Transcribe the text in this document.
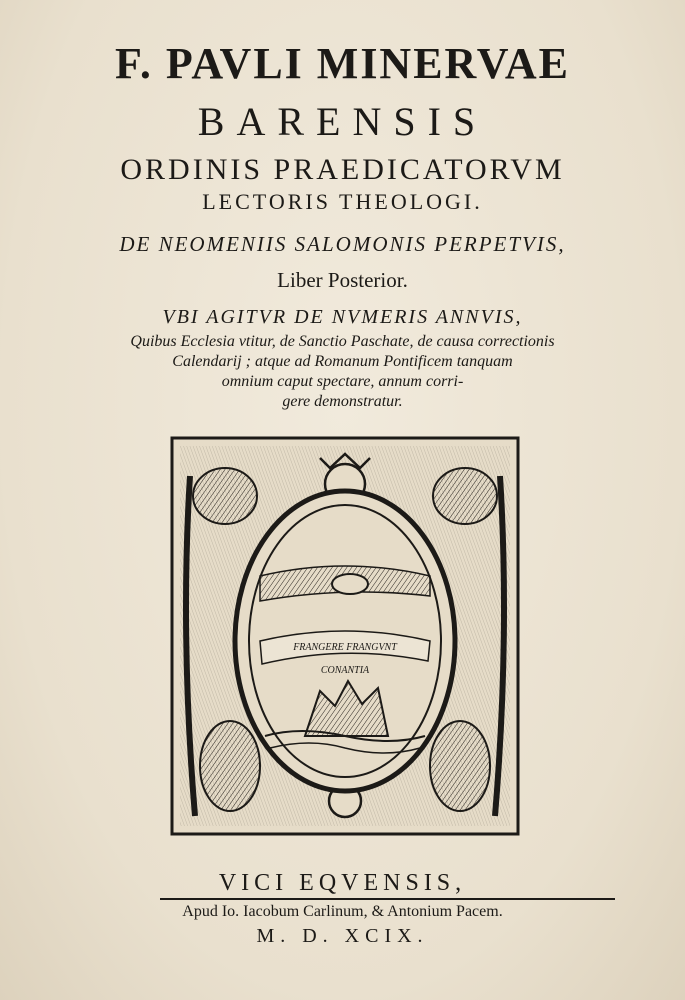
F. PAVLI MINERVAE
BARENSIS
ORDINIS PRAEDICATORVM
LECTORIS THEOLOGI.
DE NEOMENIIS SALOMONIS PERPETVIS,
Liber Posterior.
VBI AGITVR DE NVMERIS ANNVIS,
Quibus Ecclesia vtitur, de Sanctio Paschate, de causa correctionis
Calendarij ; atque ad Romanum Pontificem tanquam
omnium caput spectare, annum corri-
gere demonstratur.
FRANGERE FRANGVNT
CONANTIA
VICI EQVENSIS,
Apud Io. Iacobum Carlinum, & Antonium Pacem.
M. D. XCIX.
